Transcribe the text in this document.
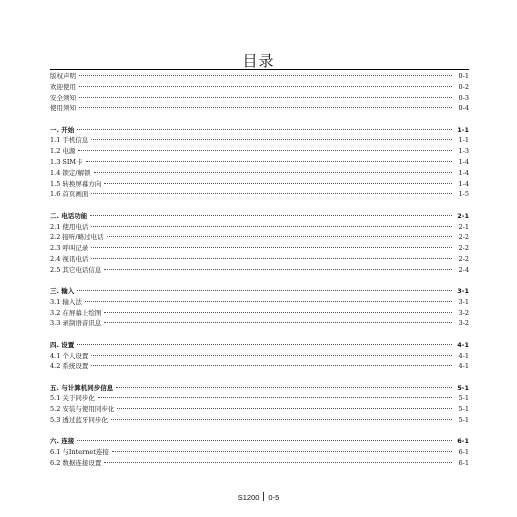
目录
版权声明	0-1
欢迎使用	0-2
安全须知	0-3
使用须知	0-4
一. 开始	1-1
1.1 手机信息	1-1
1.2 电源	1-3
1.3 SIM卡	1-4
1.4 锁定/解锁	1-4
1.5 转换屏幕方向	1-4
1.6 首页画面	1-5
二. 电话功能	2-1
2.1 使用电话	2-1
2.2 接听/略过电话	2-2
2.3 呼叫记录	2-2
2.4 视讯电话	2-2
2.5 其它电话信息	2-4
三. 输入	3-1
3.1 输入法	3-1
3.2 在屏幕上绘图	3-2
3.3 录制语音讯息	3-2
四. 设置	4-1
4.1 个人设置	4-1
4.2 系统设置	4-1
五. 与计算机同步信息	5-1
5.1 关于同步化	5-1
5.2 安装与使用同步化	5-1
5.3 透过蓝牙同步化	5-1
六. 连接	6-1
6.1 与Internet连接	6-1
6.2 数据连接设置	6-1
S1200 0-5
